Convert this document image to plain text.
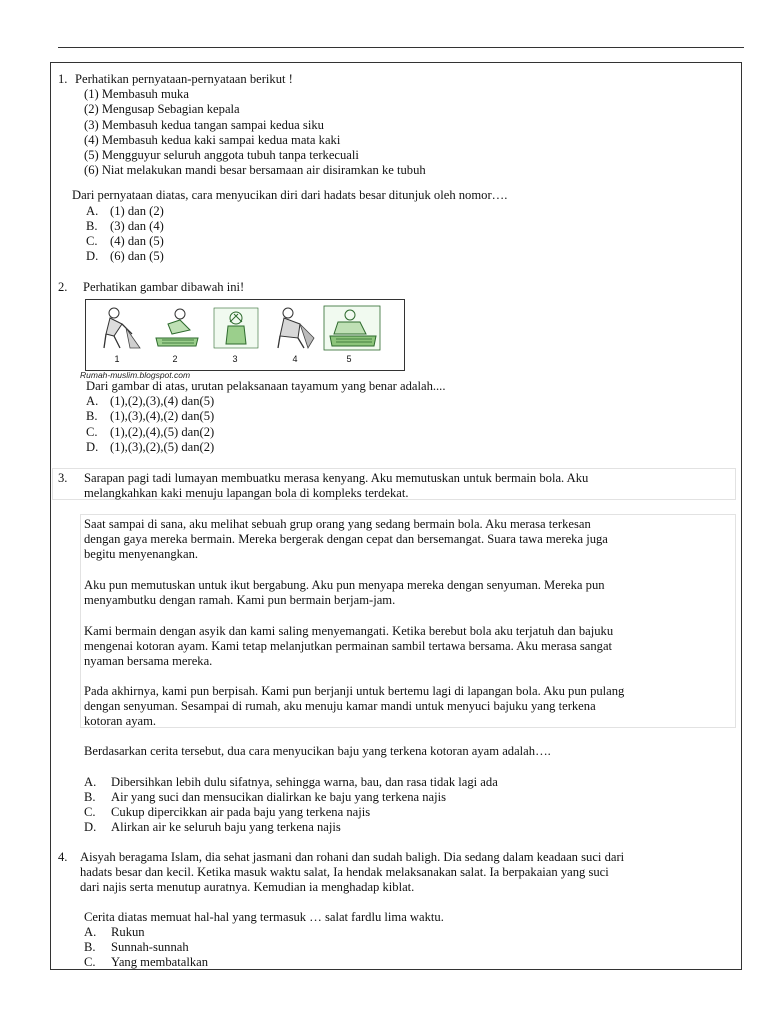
1. Perhatikan pernyataan-pernyataan berikut !
(1) Membasuh muka
(2) Mengusap Sebagian kepala
(3) Membasuh kedua tangan sampai kedua siku
(4) Membasuh kedua kaki sampai kedua mata kaki
(5) Mengguyur seluruh anggota tubuh tanpa terkecuali
(6) Niat melakukan mandi besar bersamaan air disiramkan ke tubuh
Dari pernyataan diatas, cara menyucikan diri dari hadats besar ditunjuk oleh nomor….
A. (1) dan (2)
B. (3) dan (4)
C. (4) dan (5)
D. (6) dan (5)
2. Perhatikan gambar dibawah ini!
1	2	3	4	5
Rumah-muslim.blogspot.com
Dari gambar di atas, urutan pelaksanaan tayamum yang benar adalah....
A. (1),(2),(3),(4) dan(5)
B. (1),(3),(4),(2) dan(5)
C. (1),(2),(4),(5) dan(2)
D. (1),(3),(2),(5) dan(2)
3. Sarapan pagi tadi lumayan membuatku merasa kenyang. Aku memutuskan untuk bermain bola. Aku
melangkahkan kaki menuju lapangan bola di kompleks terdekat.
Saat sampai di sana, aku melihat sebuah grup orang yang sedang bermain bola. Aku merasa terkesan
dengan gaya mereka bermain. Mereka bergerak dengan cepat dan bersemangat. Suara tawa mereka juga
begitu menyenangkan.
Aku pun memutuskan untuk ikut bergabung. Aku pun menyapa mereka dengan senyuman. Mereka pun
menyambutku dengan ramah. Kami pun bermain berjam-jam.
Kami bermain dengan asyik dan kami saling menyemangati. Ketika berebut bola aku terjatuh dan bajuku
mengenai kotoran ayam. Kami tetap melanjutkan permainan sambil tertawa bersama. Aku merasa sangat
nyaman bersama mereka.
Pada akhirnya, kami pun berpisah. Kami pun berjanji untuk bertemu lagi di lapangan bola. Aku pun pulang
dengan senyuman. Sesampai di rumah, aku menuju kamar mandi untuk menyuci bajuku yang terkena
kotoran ayam.
Berdasarkan cerita tersebut, dua cara menyucikan baju yang terkena kotoran ayam adalah….
A. Dibersihkan lebih dulu sifatnya, sehingga warna, bau, dan rasa tidak lagi ada
B. Air yang suci dan mensucikan dialirkan ke baju yang terkena najis
C. Cukup dipercikkan air pada baju yang terkena najis
D. Alirkan air ke seluruh baju yang terkena najis
4. Aisyah beragama Islam, dia sehat jasmani dan rohani dan sudah baligh. Dia sedang dalam keadaan suci dari
hadats besar dan kecil. Ketika masuk waktu salat, Ia hendak melaksanakan salat. Ia berpakaian yang suci
dari najis serta menutup auratnya. Kemudian ia menghadap kiblat.
Cerita diatas memuat hal-hal yang termasuk … salat fardlu lima waktu.
A. Rukun
B. Sunnah-sunnah
C. Yang membatalkan
